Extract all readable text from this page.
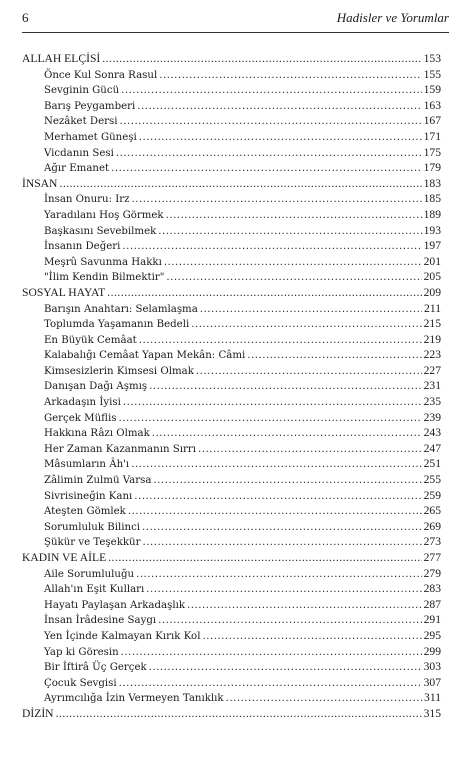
6	Hadisler ve Yorumlar
ALLAH ELÇİSİ .....	153
Önce Kul Sonra Rasul .....	155
Sevginin Gücü .....	159
Barış Peygamberi .....	163
Nezâket Dersi .....	167
Merhamet Güneşi .....	171
Vicdanın Sesi .....	175
Ağır Emanet .....	179
İNSAN .....	183
İnsan Onuru: Irz .....	185
Yaradılanı Hoş Görmek .....	189
Başkasını Sevebilmek .....	193
İnsanın Değeri .....	197
Meşrû Savunma Hakkı .....	201
"İlim Kendin Bilmektir" .....	205
SOSYAL HAYAT .....	209
Barışın Anahtarı: Selamlaşma .....	211
Toplumda Yaşamanın Bedeli .....	215
En Büyük Cemâat .....	219
Kalabalığı Cemâat Yapan Mekân: Câmi .....	223
Kimsesizlerin Kimsesi Olmak .....	227
Danışan Dağı Aşmış .....	231
Arkadaşın İyisi .....	235
Gerçek Müflis .....	239
Hakkına Râzı Olmak .....	243
Her Zaman Kazanmanın Sırrı .....	247
Mâsumların Âh'ı .....	251
Zâlimin Zulmü Varsa .....	255
Sivrisineğin Kanı .....	259
Ateşten Gömlek .....	265
Sorumluluk Bilinci .....	269
Şükür ve Teşekkür .....	273
KADIN VE AİLE .....	277
Aile Sorumluluğu .....	279
Allah'ın Eşit Kulları .....	283
Hayatı Paylaşan Arkadaşlık .....	287
İnsan İrâdesine Saygı .....	291
Yen İçinde Kalmayan Kırık Kol .....	295
Yap ki Göresin .....	299
Bir İftirâ Üç Gerçek .....	303
Çocuk Sevgisi .....	307
Ayrımcılığa İzin Vermeyen Tanıklık .....	311
DİZİN .....	315
